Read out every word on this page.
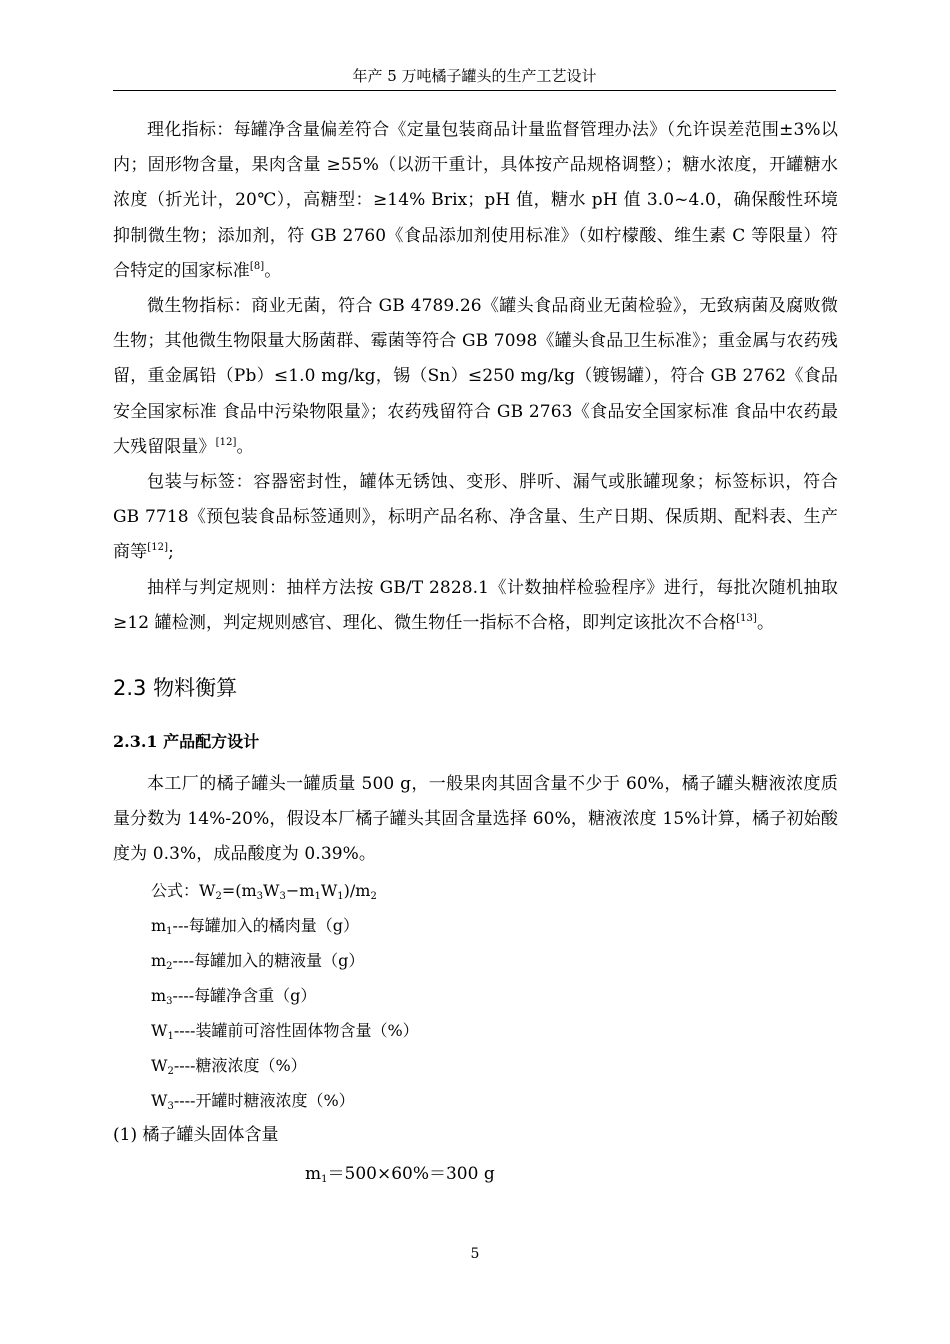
年产 5 万吨橘子罐头的生产工艺设计

理化指标：每罐净含量偏差符合《定量包装商品计量监督管理办法》（允许误差范围±3%以内；固形物含量，果肉含量 ≥55%（以沥干重计，具体按产品规格调整）；糖水浓度，开罐糖水浓度（折光计，20℃），高糖型：≥14% Brix；pH 值，糖水 pH 值 3.0~4.0，确保酸性环境抑制微生物；添加剂，符 GB 2760《食品添加剂使用标准》（如柠檬酸、维生素 C 等限量）符合特定的国家标准[8]。

微生物指标：商业无菌，符合 GB 4789.26《罐头食品商业无菌检验》，无致病菌及腐败微生物；其他微生物限量大肠菌群、霉菌等符合 GB 7098《罐头食品卫生标准》；重金属与农药残留，重金属铅（Pb）≤1.0 mg/kg，锡（Sn）≤250 mg/kg（镀锡罐），符合 GB 2762《食品安全国家标准 食品中污染物限量》；农药残留符合 GB 2763《食品安全国家标准 食品中农药最大残留限量》[12]。

包装与标签：容器密封性，罐体无锈蚀、变形、胖听、漏气或胀罐现象；标签标识，符合 GB 7718《预包装食品标签通则》，标明产品名称、净含量、生产日期、保质期、配料表、生产商等[12];

抽样与判定规则：抽样方法按 GB/T 2828.1《计数抽样检验程序》进行，每批次随机抽取≥12 罐检测，判定规则感官、理化、微生物任一指标不合格，即判定该批次不合格[13]。

2.3 物料衡算
2.3.1 产品配方设计

本工厂的橘子罐头一罐质量 500 g，一般果肉其固含量不少于 60%，橘子罐头糖液浓度质量分数为 14%-20%，假设本厂橘子罐头其固含量选择 60%，糖液浓度 15%计算，橘子初始酸度为 0.3%，成品酸度为 0.39%。

公式：$W_2=(m_3W_3-m_1W_1)/m_2$
$m_1---$每罐加入的橘肉量（g）
$m_2----$每罐加入的糖液量（g）
$m_3----$每罐净含重（g）
$W_1----$装罐前可溶性固体物含量（%）
$W_2----$糖液浓度（%）
$W_3----$开罐时糖液浓度（%）
(1) 橘子罐头固体含量
$m_1=500\times 60\%=300$ g
5
